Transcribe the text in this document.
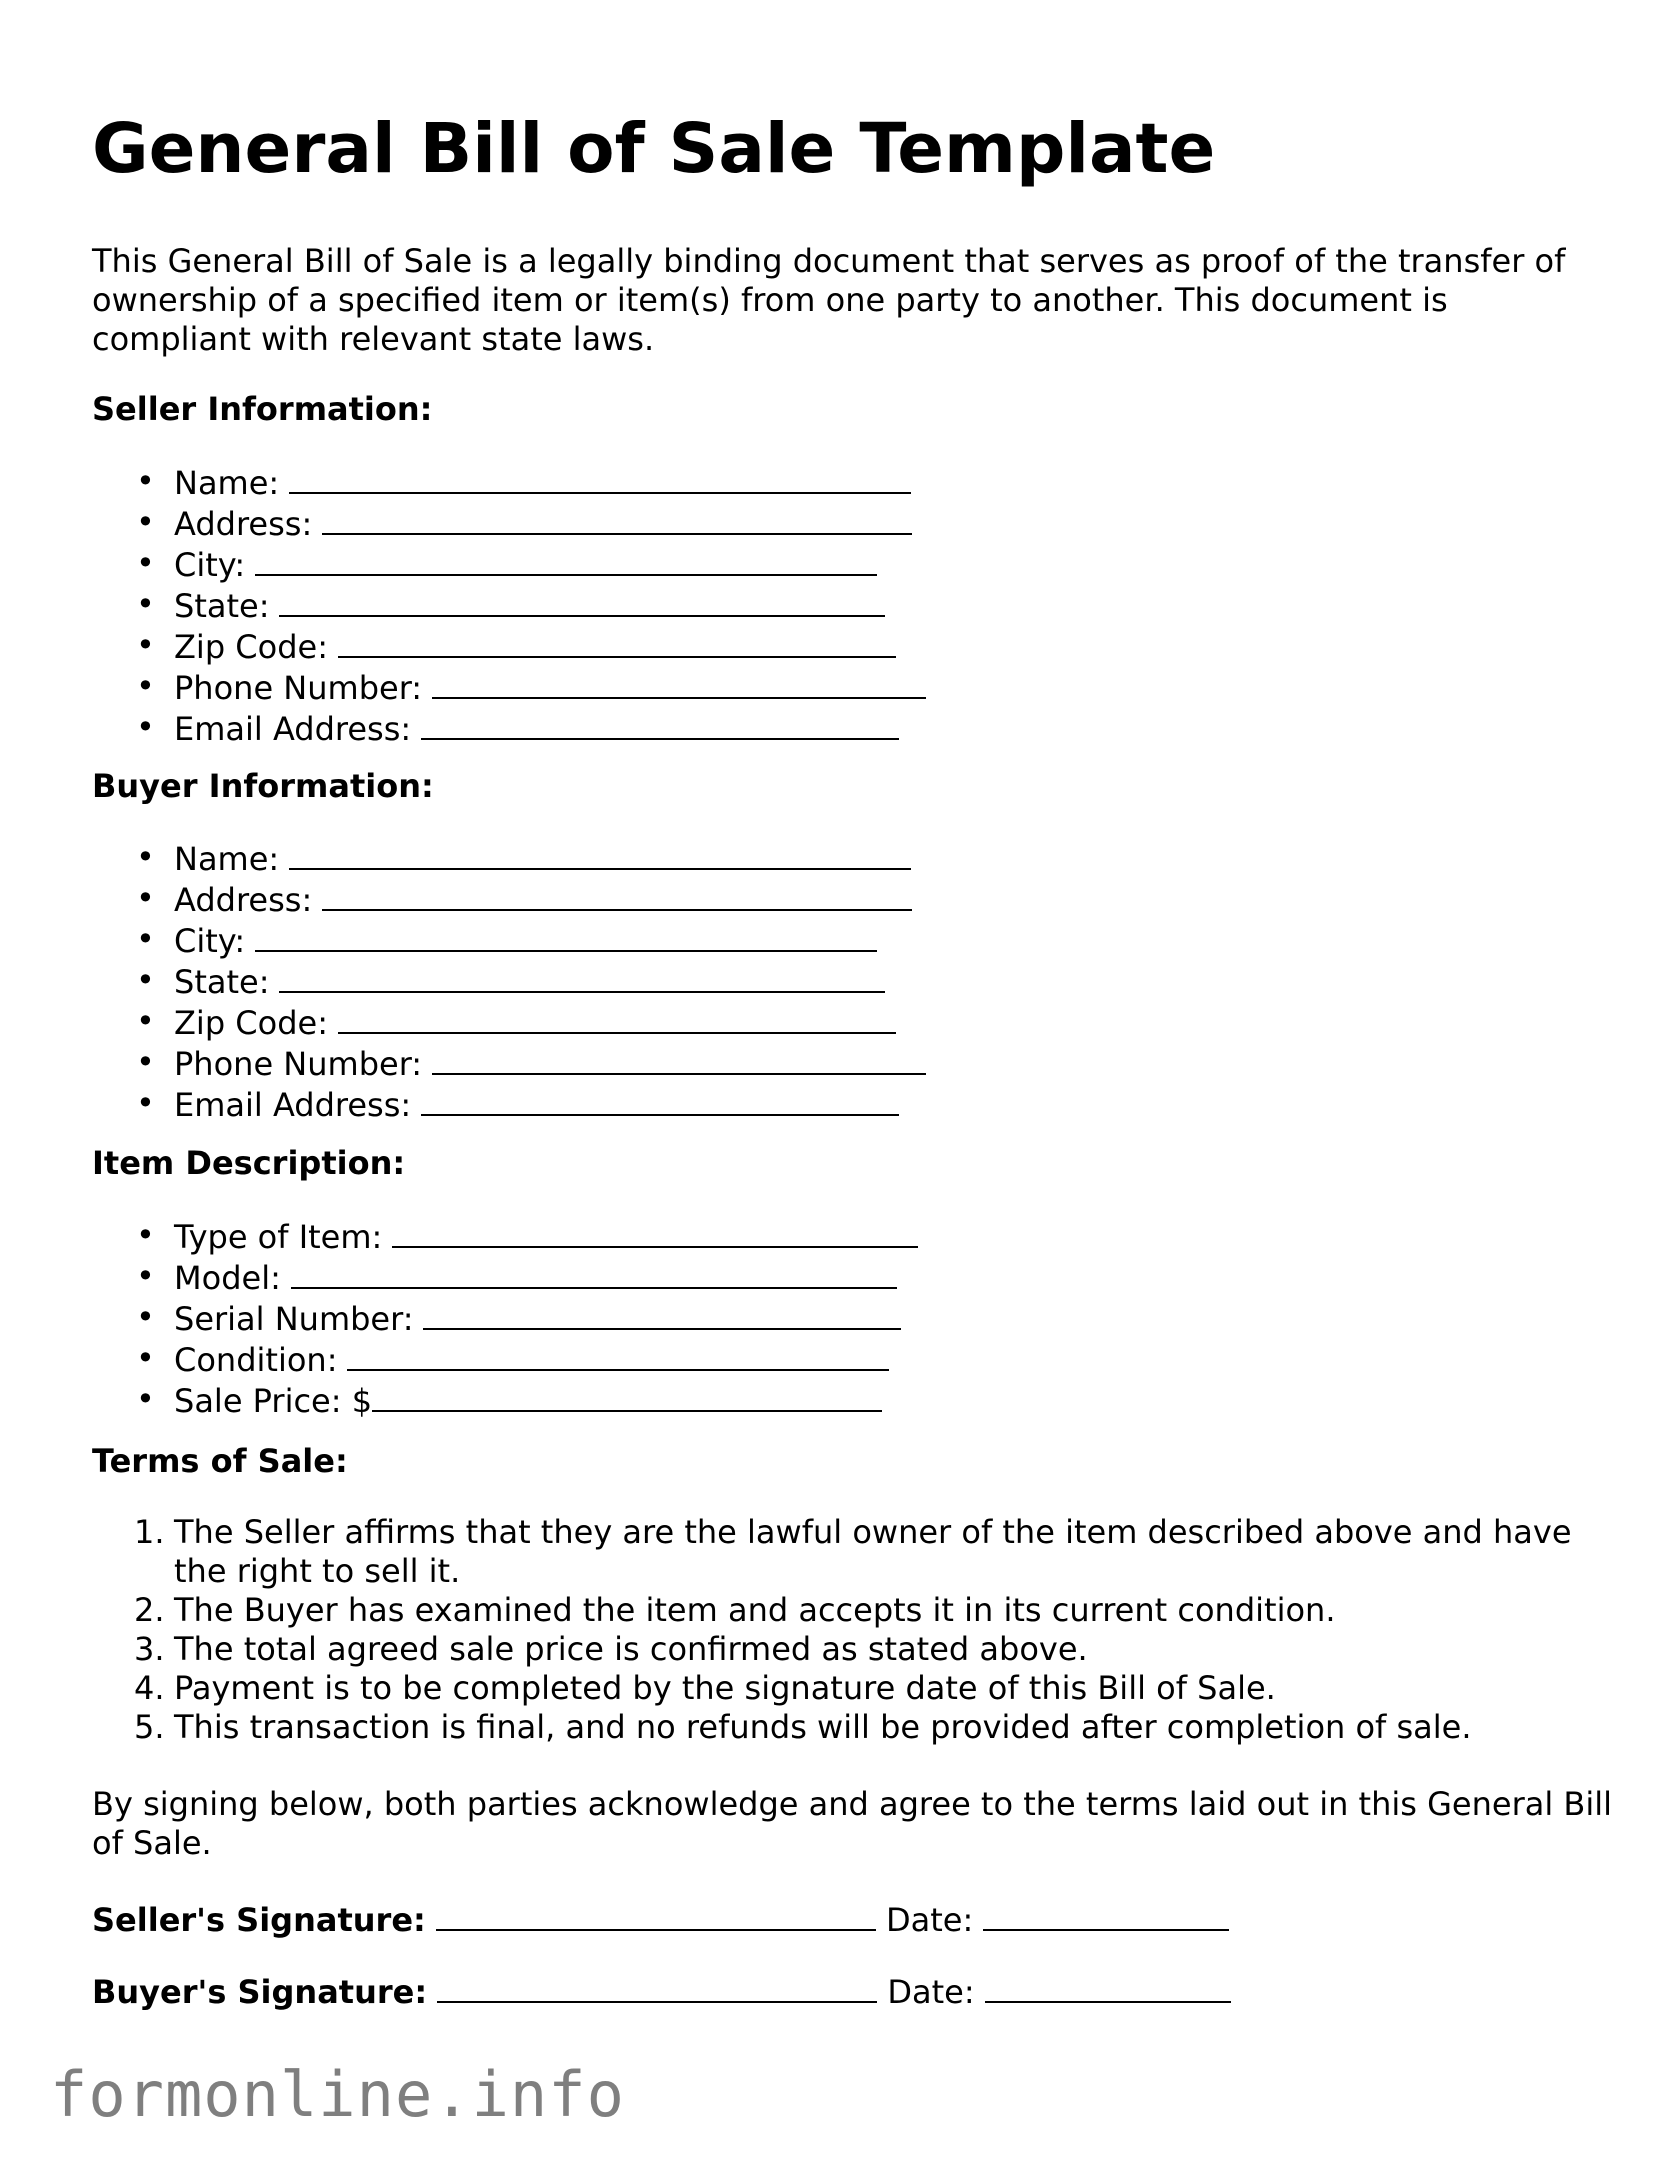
General Bill of Sale Template

This General Bill of Sale is a legally binding document that serves as proof of the transfer of ownership of a specified item or item(s) from one party to another. This document is compliant with relevant state laws.

Seller Information:
• Name:
• Address:
• City:
• State:
• Zip Code:
• Phone Number:
• Email Address:
Buyer Information:
• Name:
• Address:
• City:
• State:
• Zip Code:
• Phone Number:
• Email Address:
Item Description:
• Type of Item:
• Model:
• Serial Number:
• Condition:
• Sale Price: $
Terms of Sale:
The Seller affirms that they are the lawful owner of the item described above and have the right to sell it.
The Buyer has examined the item and accepts it in its current condition.
The total agreed sale price is confirmed as stated above.
Payment is to be completed by the signature date of this Bill of Sale.
This transaction is final, and no refunds will be provided after completion of sale.

By signing below, both parties acknowledge and agree to the terms laid out in this General Bill of Sale.

Seller's Signature:	Date:
Buyer's Signature:	Date:
formonline.info
